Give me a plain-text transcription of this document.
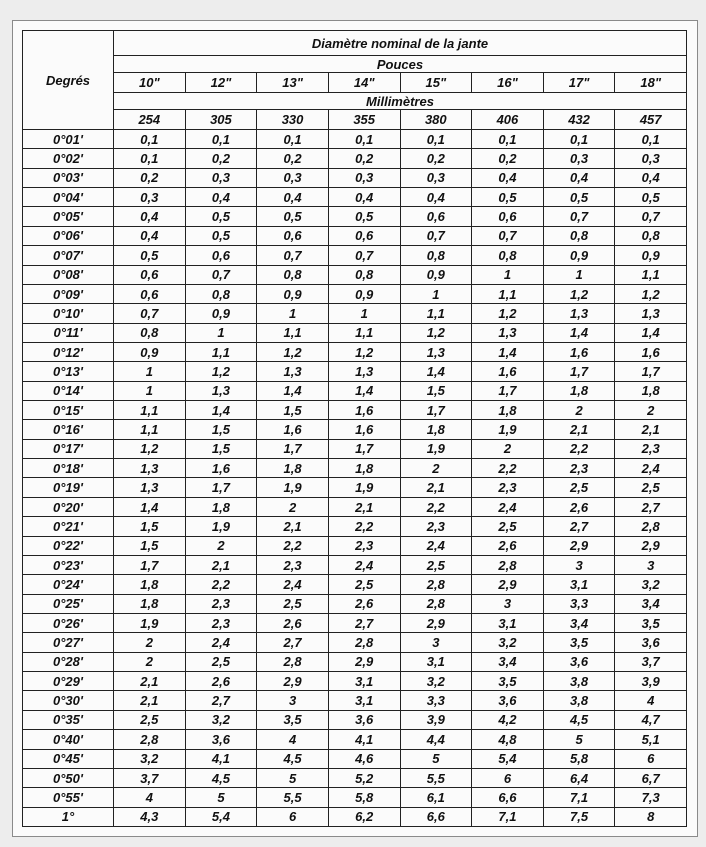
Degrés	Diamètre nominal de la jante							
	Pouces							
	10"	12"	13"	14"	15"	16"	17"	18"
	Millimètres							
	254	305	330	355	380	406	432	457
0°01'	0,1	0,1	0,1	0,1	0,1	0,1	0,1	0,1
0°02'	0,1	0,2	0,2	0,2	0,2	0,2	0,3	0,3
0°03'	0,2	0,3	0,3	0,3	0,3	0,4	0,4	0,4
0°04'	0,3	0,4	0,4	0,4	0,4	0,5	0,5	0,5
0°05'	0,4	0,5	0,5	0,5	0,6	0,6	0,7	0,7
0°06'	0,4	0,5	0,6	0,6	0,7	0,7	0,8	0,8
0°07'	0,5	0,6	0,7	0,7	0,8	0,8	0,9	0,9
0°08'	0,6	0,7	0,8	0,8	0,9	1	1	1,1
0°09'	0,6	0,8	0,9	0,9	1	1,1	1,2	1,2
0°10'	0,7	0,9	1	1	1,1	1,2	1,3	1,3
0°11'	0,8	1	1,1	1,1	1,2	1,3	1,4	1,4
0°12'	0,9	1,1	1,2	1,2	1,3	1,4	1,6	1,6
0°13'	1	1,2	1,3	1,3	1,4	1,6	1,7	1,7
0°14'	1	1,3	1,4	1,4	1,5	1,7	1,8	1,8
0°15'	1,1	1,4	1,5	1,6	1,7	1,8	2	2
0°16'	1,1	1,5	1,6	1,6	1,8	1,9	2,1	2,1
0°17'	1,2	1,5	1,7	1,7	1,9	2	2,2	2,3
0°18'	1,3	1,6	1,8	1,8	2	2,2	2,3	2,4
0°19'	1,3	1,7	1,9	1,9	2,1	2,3	2,5	2,5
0°20'	1,4	1,8	2	2,1	2,2	2,4	2,6	2,7
0°21'	1,5	1,9	2,1	2,2	2,3	2,5	2,7	2,8
0°22'	1,5	2	2,2	2,3	2,4	2,6	2,9	2,9
0°23'	1,7	2,1	2,3	2,4	2,5	2,8	3	3
0°24'	1,8	2,2	2,4	2,5	2,8	2,9	3,1	3,2
0°25'	1,8	2,3	2,5	2,6	2,8	3	3,3	3,4
0°26'	1,9	2,3	2,6	2,7	2,9	3,1	3,4	3,5
0°27'	2	2,4	2,7	2,8	3	3,2	3,5	3,6
0°28'	2	2,5	2,8	2,9	3,1	3,4	3,6	3,7
0°29'	2,1	2,6	2,9	3,1	3,2	3,5	3,8	3,9
0°30'	2,1	2,7	3	3,1	3,3	3,6	3,8	4
0°35'	2,5	3,2	3,5	3,6	3,9	4,2	4,5	4,7
0°40'	2,8	3,6	4	4,1	4,4	4,8	5	5,1
0°45'	3,2	4,1	4,5	4,6	5	5,4	5,8	6
0°50'	3,7	4,5	5	5,2	5,5	6	6,4	6,7
0°55'	4	5	5,5	5,8	6,1	6,6	7,1	7,3
1°	4,3	5,4	6	6,2	6,6	7,1	7,5	8
